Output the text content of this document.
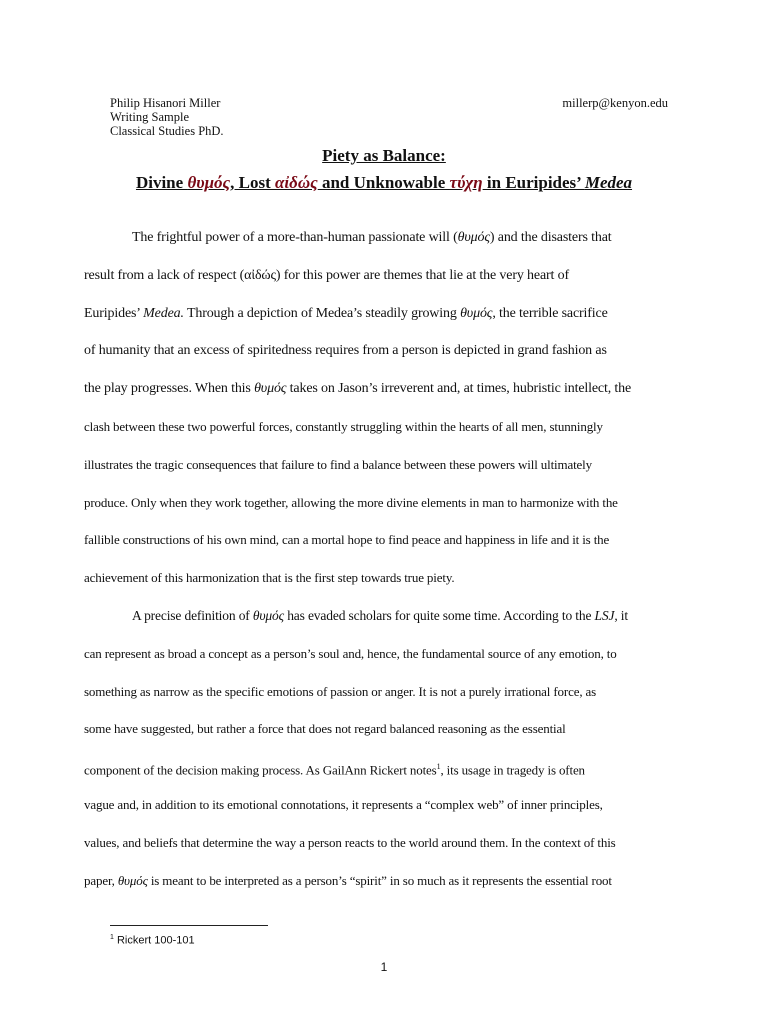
Philip Hisanori Miller
Writing Sample
Classical Studies PhD.
millerp@kenyon.edu
Piety as Balance:
Divine θυμός, Lost αἰδώς and Unknowable τύχη in Euripides’ Medea
The frightful power of a more-than-human passionate will (θυμός) and the disasters that
result from a lack of respect (αἰδώς) for this power are themes that lie at the very heart of
Euripides’ Medea. Through a depiction of Medea’s steadily growing θυμός, the terrible sacrifice
of humanity that an excess of spiritedness requires from a person is depicted in grand fashion as
the play progresses. When this θυμός takes on Jason’s irreverent and, at times, hubristic intellect, the
clash between these two powerful forces, constantly struggling within the hearts of all men, stunningly
illustrates the tragic consequences that failure to find a balance between these powers will ultimately
produce. Only when they work together, allowing the more divine elements in man to harmonize with the
fallible constructions of his own mind, can a mortal hope to find peace and happiness in life and it is the
achievement of this harmonization that is the first step towards true piety.
A precise definition of θυμός has evaded scholars for quite some time. According to the LSJ, it
can represent as broad a concept as a person’s soul and, hence, the fundamental source of any emotion, to
something as narrow as the specific emotions of passion or anger. It is not a purely irrational force, as
some have suggested, but rather a force that does not regard balanced reasoning as the essential
component of the decision making process. As GailAnn Rickert notes$^1$, its usage in tragedy is often
vague and, in addition to its emotional connotations, it represents a “complex web” of inner principles,
values, and beliefs that determine the way a person reacts to the world around them. In the context of this
paper, θυμός is meant to be interpreted as a person’s “spirit” in so much as it represents the essential root
$^1$ Rickert 100-101
1
